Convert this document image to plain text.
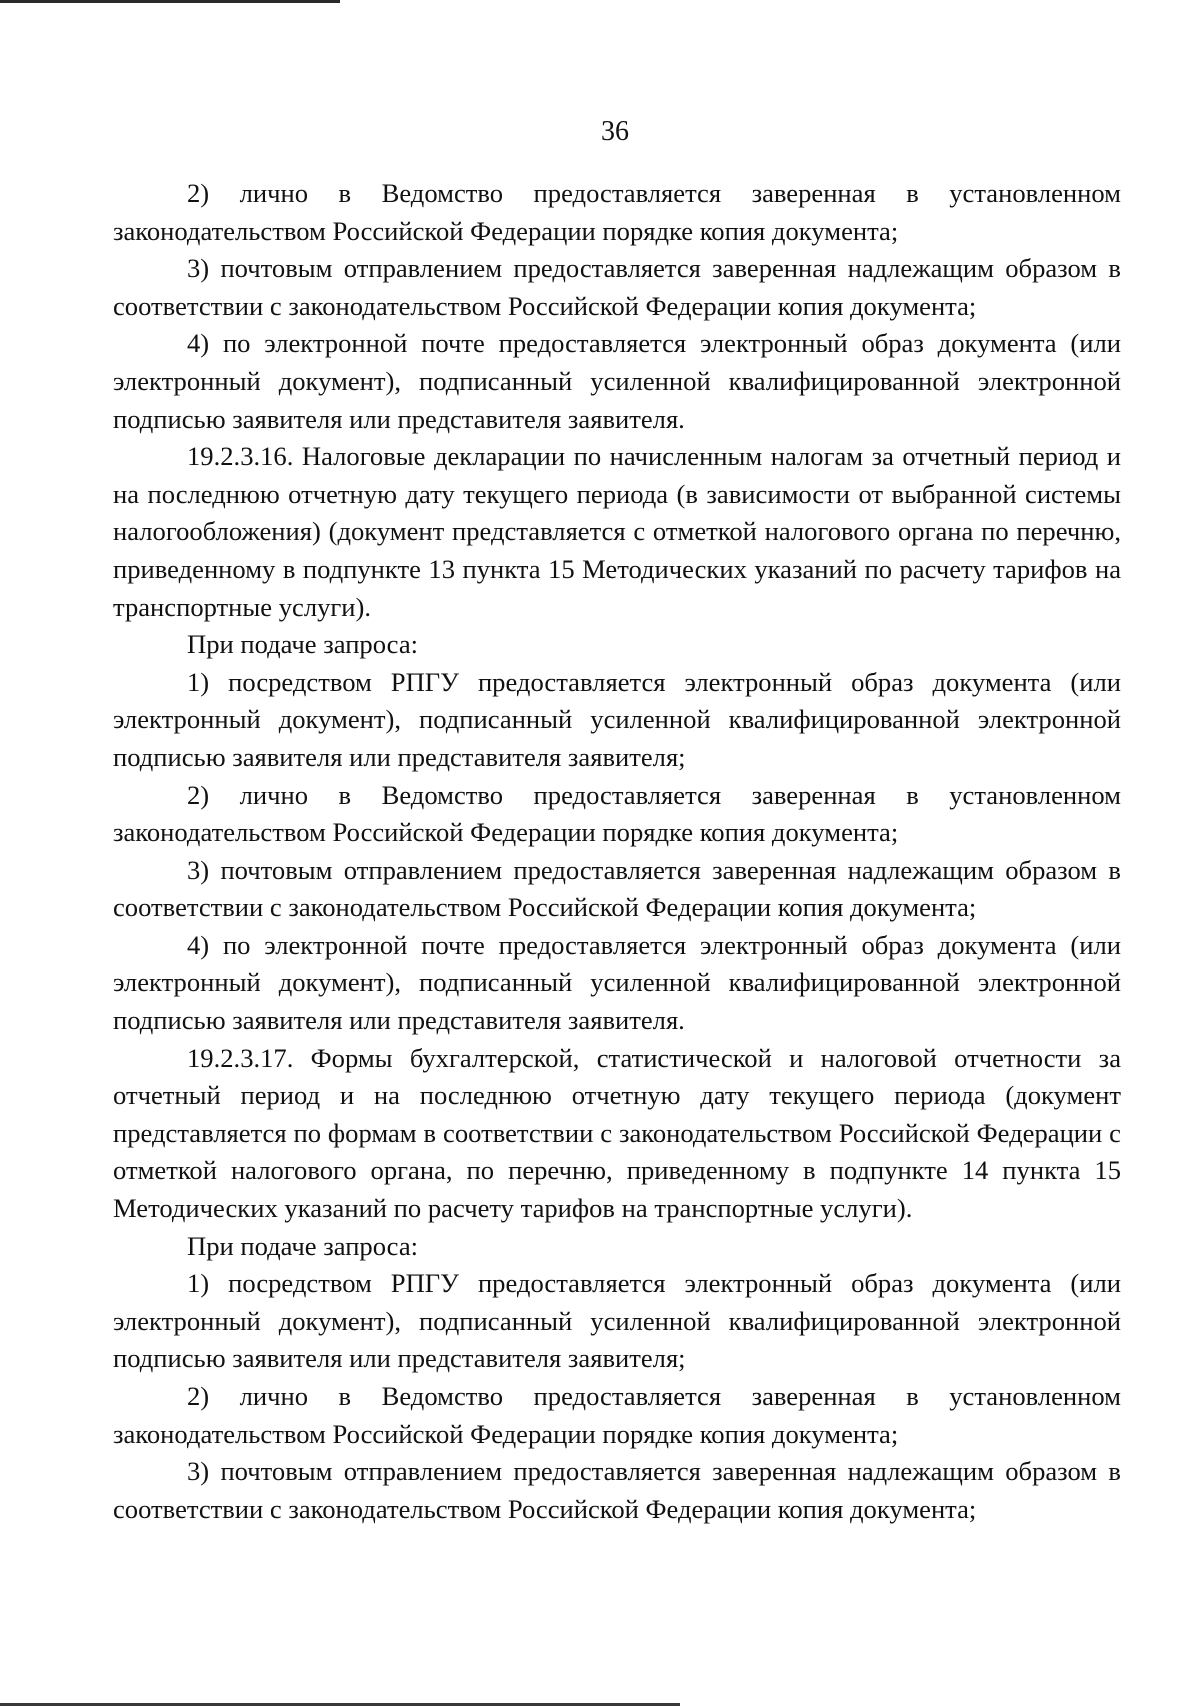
36

2) лично в Ведомство предоставляется заверенная в установленном законодательством Российской Федерации порядке копия документа;

3) почтовым отправлением предоставляется заверенная надлежащим образом в соответствии с законодательством Российской Федерации копия документа;

4) по электронной почте предоставляется электронный образ документа (или электронный документ), подписанный усиленной квалифицированной электронной подписью заявителя или представителя заявителя.

19.2.3.16. Налоговые декларации по начисленным налогам за отчетный период и на последнюю отчетную дату текущего периода (в зависимости от выбранной системы налогообложения) (документ представляется с отметкой налогового органа по перечню, приведенному в подпункте 13 пункта 15 Методических указаний по расчету тарифов на транспортные услуги).

При подаче запроса:

1) посредством РПГУ предоставляется электронный образ документа (или электронный документ), подписанный усиленной квалифицированной электронной подписью заявителя или представителя заявителя;

2) лично в Ведомство предоставляется заверенная в установленном законодательством Российской Федерации порядке копия документа;

3) почтовым отправлением предоставляется заверенная надлежащим образом в соответствии с законодательством Российской Федерации копия документа;

4) по электронной почте предоставляется электронный образ документа (или электронный документ), подписанный усиленной квалифицированной электронной подписью заявителя или представителя заявителя.

19.2.3.17. Формы бухгалтерской, статистической и налоговой отчетности за отчетный период и на последнюю отчетную дату текущего периода (документ представляется по формам в соответствии с законодательством Российской Федерации с отметкой налогового органа, по перечню, приведенному в подпункте 14 пункта 15 Методических указаний по расчету тарифов на транспортные услуги).

При подаче запроса:

1) посредством РПГУ предоставляется электронный образ документа (или электронный документ), подписанный усиленной квалифицированной электронной подписью заявителя или представителя заявителя;

2) лично в Ведомство предоставляется заверенная в установленном законодательством Российской Федерации порядке копия документа;

3) почтовым отправлением предоставляется заверенная надлежащим образом в соответствии с законодательством Российской Федерации копия документа;
